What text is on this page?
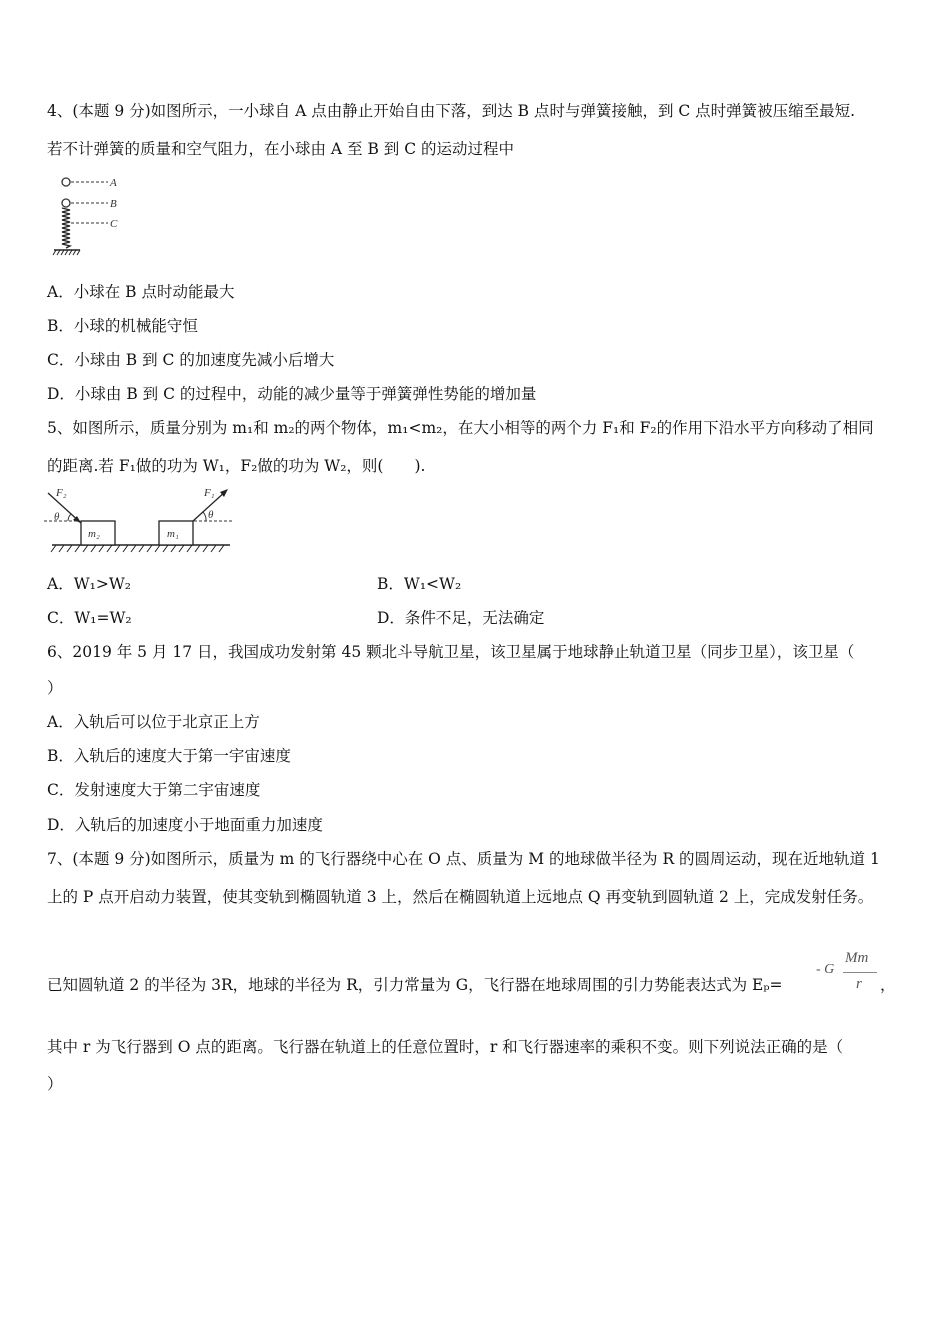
4、(本题 9 分)如图所示，一小球自 A 点由静止开始自由下落，到达 B 点时与弹簧接触，到 C 点时弹簧被压缩至最短.
若不计弹簧的质量和空气阻力，在小球由 A 至 B 到 C 的运动过程中
A
B
C
A．小球在 B 点时动能最大
B．小球的机械能守恒
C．小球由 B 到 C 的加速度先减小后增大
D．小球由 B 到 C 的过程中，动能的减少量等于弹簧弹性势能的增加量
5、如图所示，质量分别为 m₁和 m₂的两个物体，m₁<m₂，在大小相等的两个力 F₁和 F₂的作用下沿水平方向移动了相同
的距离.若 F₁做的功为 W₁，F₂做的功为 W₂，则(　　).
F₂
θ
m₂	m₁
F₁
θ
A．W₁>W₂	B．W₁<W₂
C．W₁=W₂	D．条件不足，无法确定
6、2019 年 5 月 17 日，我国成功发射第 45 颗北斗导航卫星，该卫星属于地球静止轨道卫星（同步卫星），该卫星（
）
A．入轨后可以位于北京正上方
B．入轨后的速度大于第一宇宙速度
C．发射速度大于第二宇宙速度
D．入轨后的加速度小于地面重力加速度
7、(本题 9 分)如图所示，质量为 m 的飞行器绕中心在 O 点、质量为 M 的地球做半径为 R 的圆周运动，现在近地轨道 1
上的 P 点开启动力装置，使其变轨到椭圆轨道 3 上，然后在椭圆轨道上远地点 Q 再变轨到圆轨道 2 上，完成发射任务。
已知圆轨道 2 的半径为 3R，地球的半径为 R，引力常量为 G，飞行器在地球周围的引力势能表达式为 Eₚ=
- G
Mm
r ，
其中 r 为飞行器到 O 点的距离。飞行器在轨道上的任意位置时，r 和飞行器速率的乘积不变。则下列说法正确的是（
）
